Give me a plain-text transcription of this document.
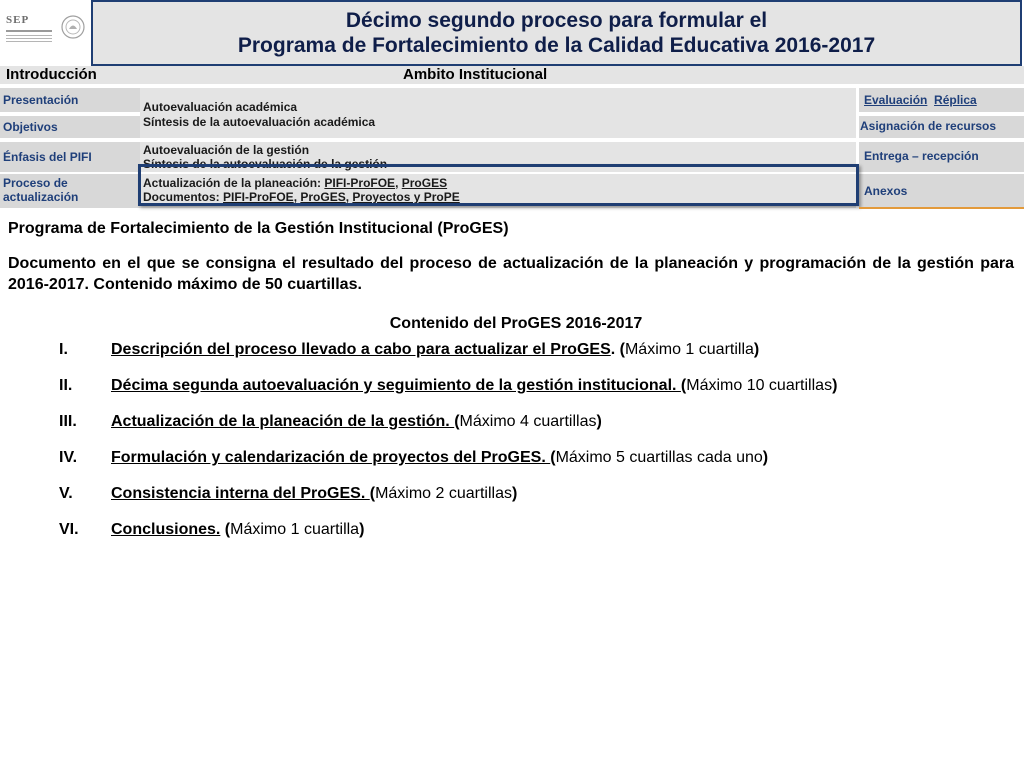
SEP	Décimo segundo proceso para formular el
Programa de Fortalecimiento de la Calidad Educativa 2016-2017
Introducción	Ambito Institucional
Presentación
Objetivos
Énfasis del PIFI
Proceso de
actualización
Autoevaluación académica
Síntesis de la autoevaluación académica
Autoevaluación de la gestión
Síntesis de la autoevaluación de la gestión
Actualización de la planeación: PIFI-ProFOE, ProGES
Documentos: PIFI-ProFOE, ProGES, Proyectos y ProPE
Evaluación Réplica
Asignación de recursos
Entrega – recepción
Anexos
Programa de Fortalecimiento de la Gestión Institucional (ProGES)
Documento en el que se consigna el resultado del proceso de actualización de la planeación y programación de la gestión para 2016-2017. Contenido máximo de 50 cuartillas.
Contenido del ProGES 2016-2017
I.	Descripción del proceso llevado a cabo para actualizar el ProGES. (Máximo 1 cuartilla)
II. Décima segunda autoevaluación y seguimiento de la gestión institucional. (Máximo 10 cuartillas)
III. Actualización de la planeación de la gestión. (Máximo 4 cuartillas)
IV. Formulación y calendarización de proyectos del ProGES. (Máximo 5 cuartillas cada uno)
V. Consistencia interna del ProGES. (Máximo 2 cuartillas)
VI. Conclusiones. (Máximo 1 cuartilla)
